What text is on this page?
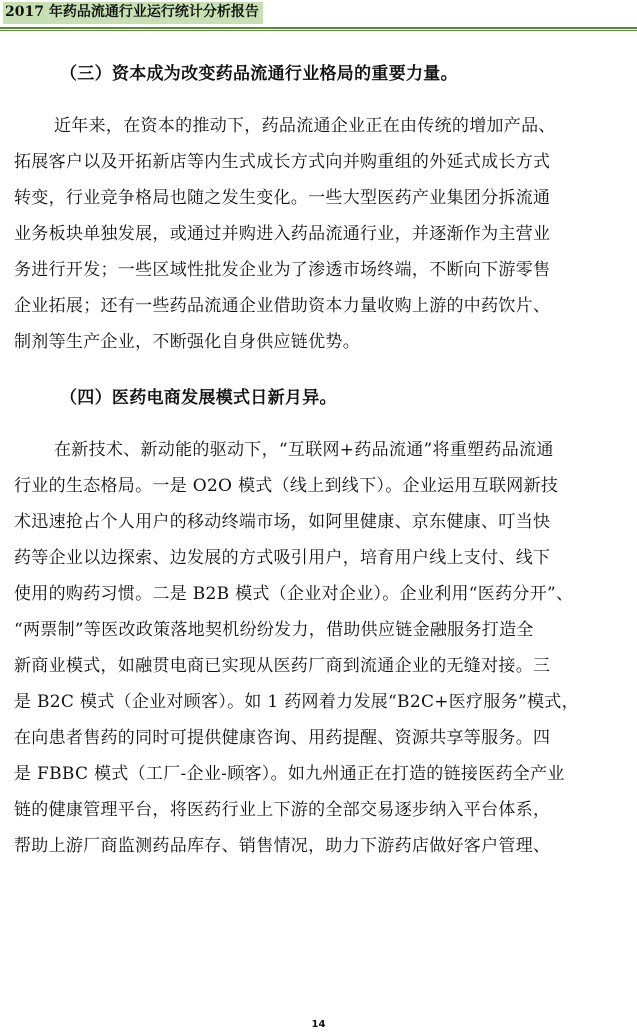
2017 年药品流通行业运行统计分析报告
（三）资本成为改变药品流通行业格局的重要力量。
近年来，在资本的推动下，药品流通企业正在由传统的增加产品、
拓展客户以及开拓新店等内生式成长方式向并购重组的外延式成长方式
转变，行业竞争格局也随之发生变化。一些大型医药产业集团分拆流通
业务板块单独发展，或通过并购进入药品流通行业，并逐渐作为主营业
务进行开发；一些区域性批发企业为了渗透市场终端，不断向下游零售
企业拓展；还有一些药品流通企业借助资本力量收购上游的中药饮片、
制剂等生产企业，不断强化自身供应链优势。
（四）医药电商发展模式日新月异。
在新技术、新动能的驱动下，“互联网+药品流通”将重塑药品流通
行业的生态格局。一是 O2O 模式（线上到线下）。企业运用互联网新技
术迅速抢占个人用户的移动终端市场，如阿里健康、京东健康、叮当快
药等企业以边探索、边发展的方式吸引用户，培育用户线上支付、线下
使用的购药习惯。二是 B2B 模式（企业对企业）。企业利用“医药分开”、
“两票制”等医改政策落地契机纷纷发力，借助供应链金融服务打造全
新商业模式，如融贯电商已实现从医药厂商到流通企业的无缝对接。三
是 B2C 模式（企业对顾客）。如 1 药网着力发展“B2C+医疗服务”模式，
在向患者售药的同时可提供健康咨询、用药提醒、资源共享等服务。四
是 FBBC 模式（工厂-企业-顾客）。如九州通正在打造的链接医药全产业
链的健康管理平台，将医药行业上下游的全部交易逐步纳入平台体系，
帮助上游厂商监测药品库存、销售情况，助力下游药店做好客户管理、
14
